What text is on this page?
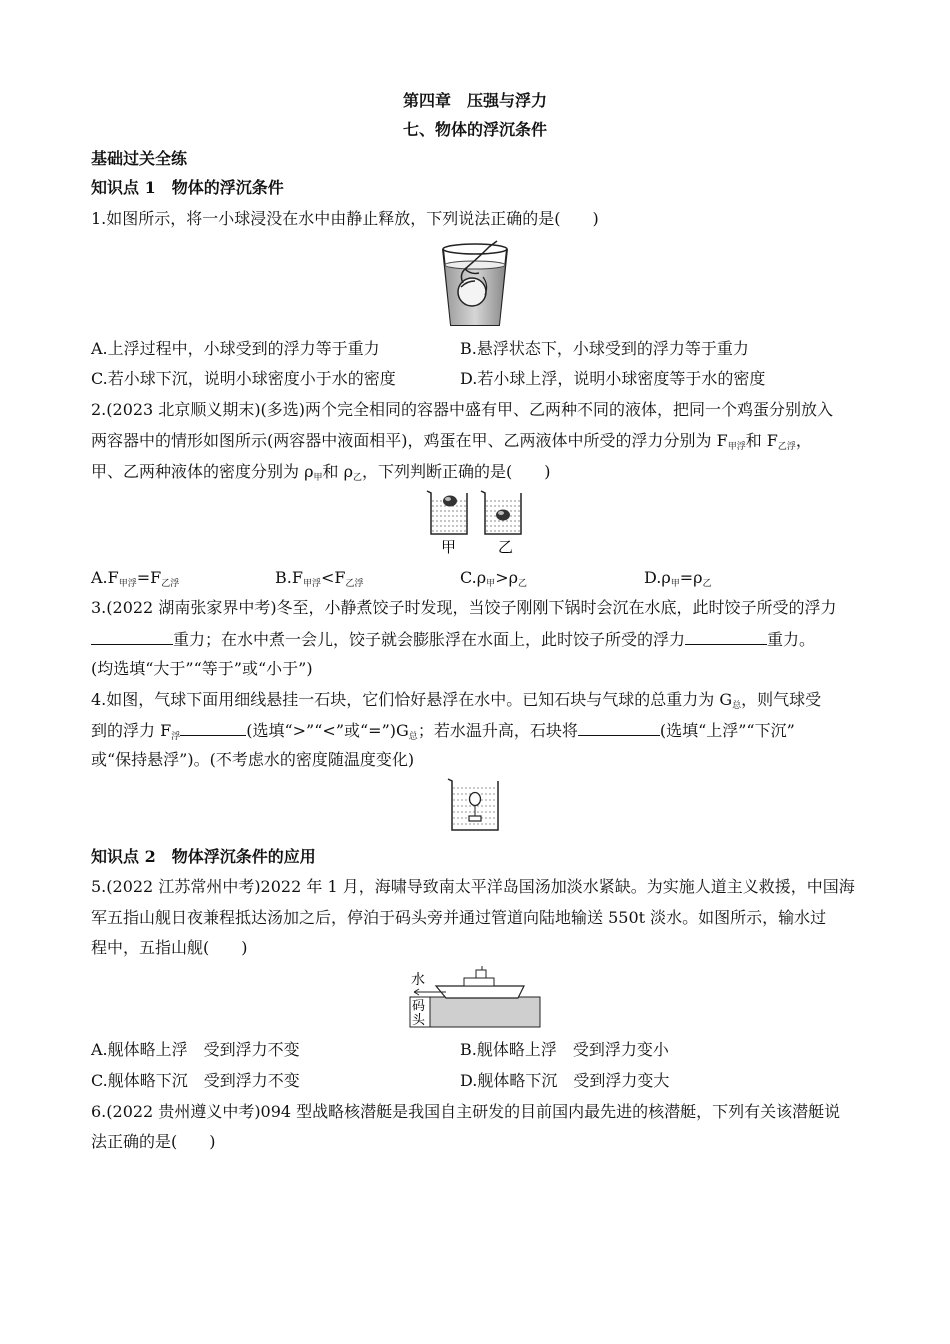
第四章　压强与浮力
七、物体的浮沉条件
基础过关全练
知识点 1　物体的浮沉条件
1.如图所示，将一小球浸没在水中由静止释放，下列说法正确的是(　　)
A.上浮过程中，小球受到的浮力等于重力	B.悬浮状态下，小球受到的浮力等于重力
C.若小球下沉，说明小球密度小于水的密度	D.若小球上浮，说明小球密度等于水的密度
2.(2023 北京顺义期末)(多选)两个完全相同的容器中盛有甲、乙两种不同的液体，把同一个鸡蛋分别放入
两容器中的情形如图所示(两容器中液面相平)，鸡蛋在甲、乙两液体中所受的浮力分别为 F甲浮和 F乙浮，
甲、乙两种液体的密度分别为 ρ甲和 ρ乙，下列判断正确的是(　　)
甲	乙
A.F甲浮=F乙浮	B.F甲浮<F乙浮	C.ρ甲>ρ乙	D.ρ甲=ρ乙
3.(2022 湖南张家界中考)冬至，小静煮饺子时发现，当饺子刚刚下锅时会沉在水底，此时饺子所受的浮力
重力；在水中煮一会儿，饺子就会膨胀浮在水面上，此时饺子所受的浮力	重力。
(均选填“大于”“等于”或“小于”)
4.如图，气球下面用细线悬挂一石块，它们恰好悬浮在水中。已知石块与气球的总重力为 G总，则气球受
到的浮力 F浮	(选填“>”“<”或“=”)G总；若水温升高，石块将	(选填“上浮”“下沉”
或“保持悬浮”)。(不考虑水的密度随温度变化)
知识点 2　物体浮沉条件的应用
5.(2022 江苏常州中考)2022 年 1 月，海啸导致南太平洋岛国汤加淡水紧缺。为实施人道主义救援，中国海
军五指山舰日夜兼程抵达汤加之后，停泊于码头旁并通过管道向陆地输送 550t 淡水。如图所示，输水过
程中，五指山舰(　　)
水
码
头
A.舰体略上浮　受到浮力不变	B.舰体略上浮　受到浮力变小
C.舰体略下沉　受到浮力不变	D.舰体略下沉　受到浮力变大
6.(2022 贵州遵义中考)094 型战略核潜艇是我国自主研发的目前国内最先进的核潜艇，下列有关该潜艇说
法正确的是(　　)
